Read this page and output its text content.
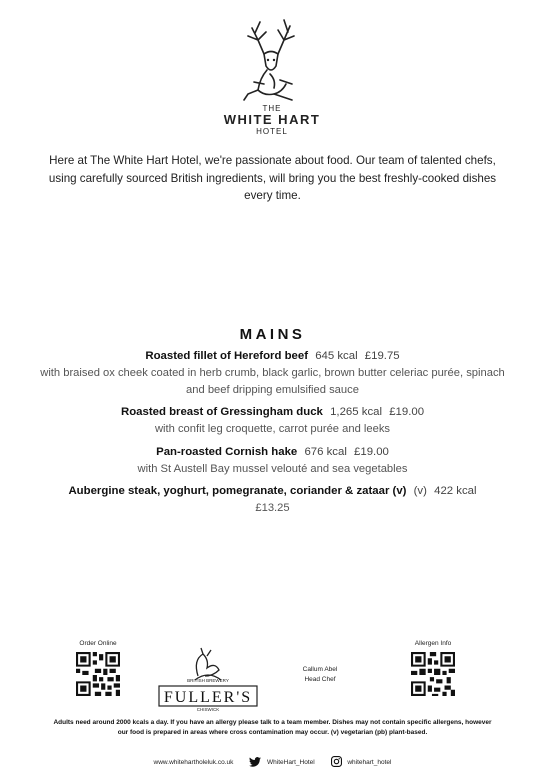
THE
WHITE HART
HOTEL
Here at The White Hart Hotel, we're passionate about food. Our team of talented chefs, using carefully sourced British ingredients, will bring you the best freshly-cooked dishes every time.
MAINS
Roasted fillet of Hereford beef 645 kcal £19.75
with braised ox cheek coated in herb crumb, black garlic, brown butter celeriac purée, spinach and beef dripping emulsified sauce
Roasted breast of Gressingham duck 1,265 kcal £19.00
with confit leg croquette, carrot purée and leeks
Pan-roasted Cornish hake 676 kcal £19.00
with St Austell Bay mussel velouté and sea vegetables
Aubergine steak, yoghurt, pomegranate, coriander & zataar (v) (v) 422 kcal
£13.25
Order Online
BRITISH BREWERY
FULLER'S
CHISWICK
Callum Abel
Head Chef
Allergen Info
Adults need around 2000 kcals a day. If you have an allergy please talk to a team member. Dishes may not contain specific allergens, however our food is prepared in areas where cross contamination may occur. (v) vegetarian (pb) plant-based.
www.whitehartholeluk.co.uk	WhiteHart_Hotel	whitehart_hotel
